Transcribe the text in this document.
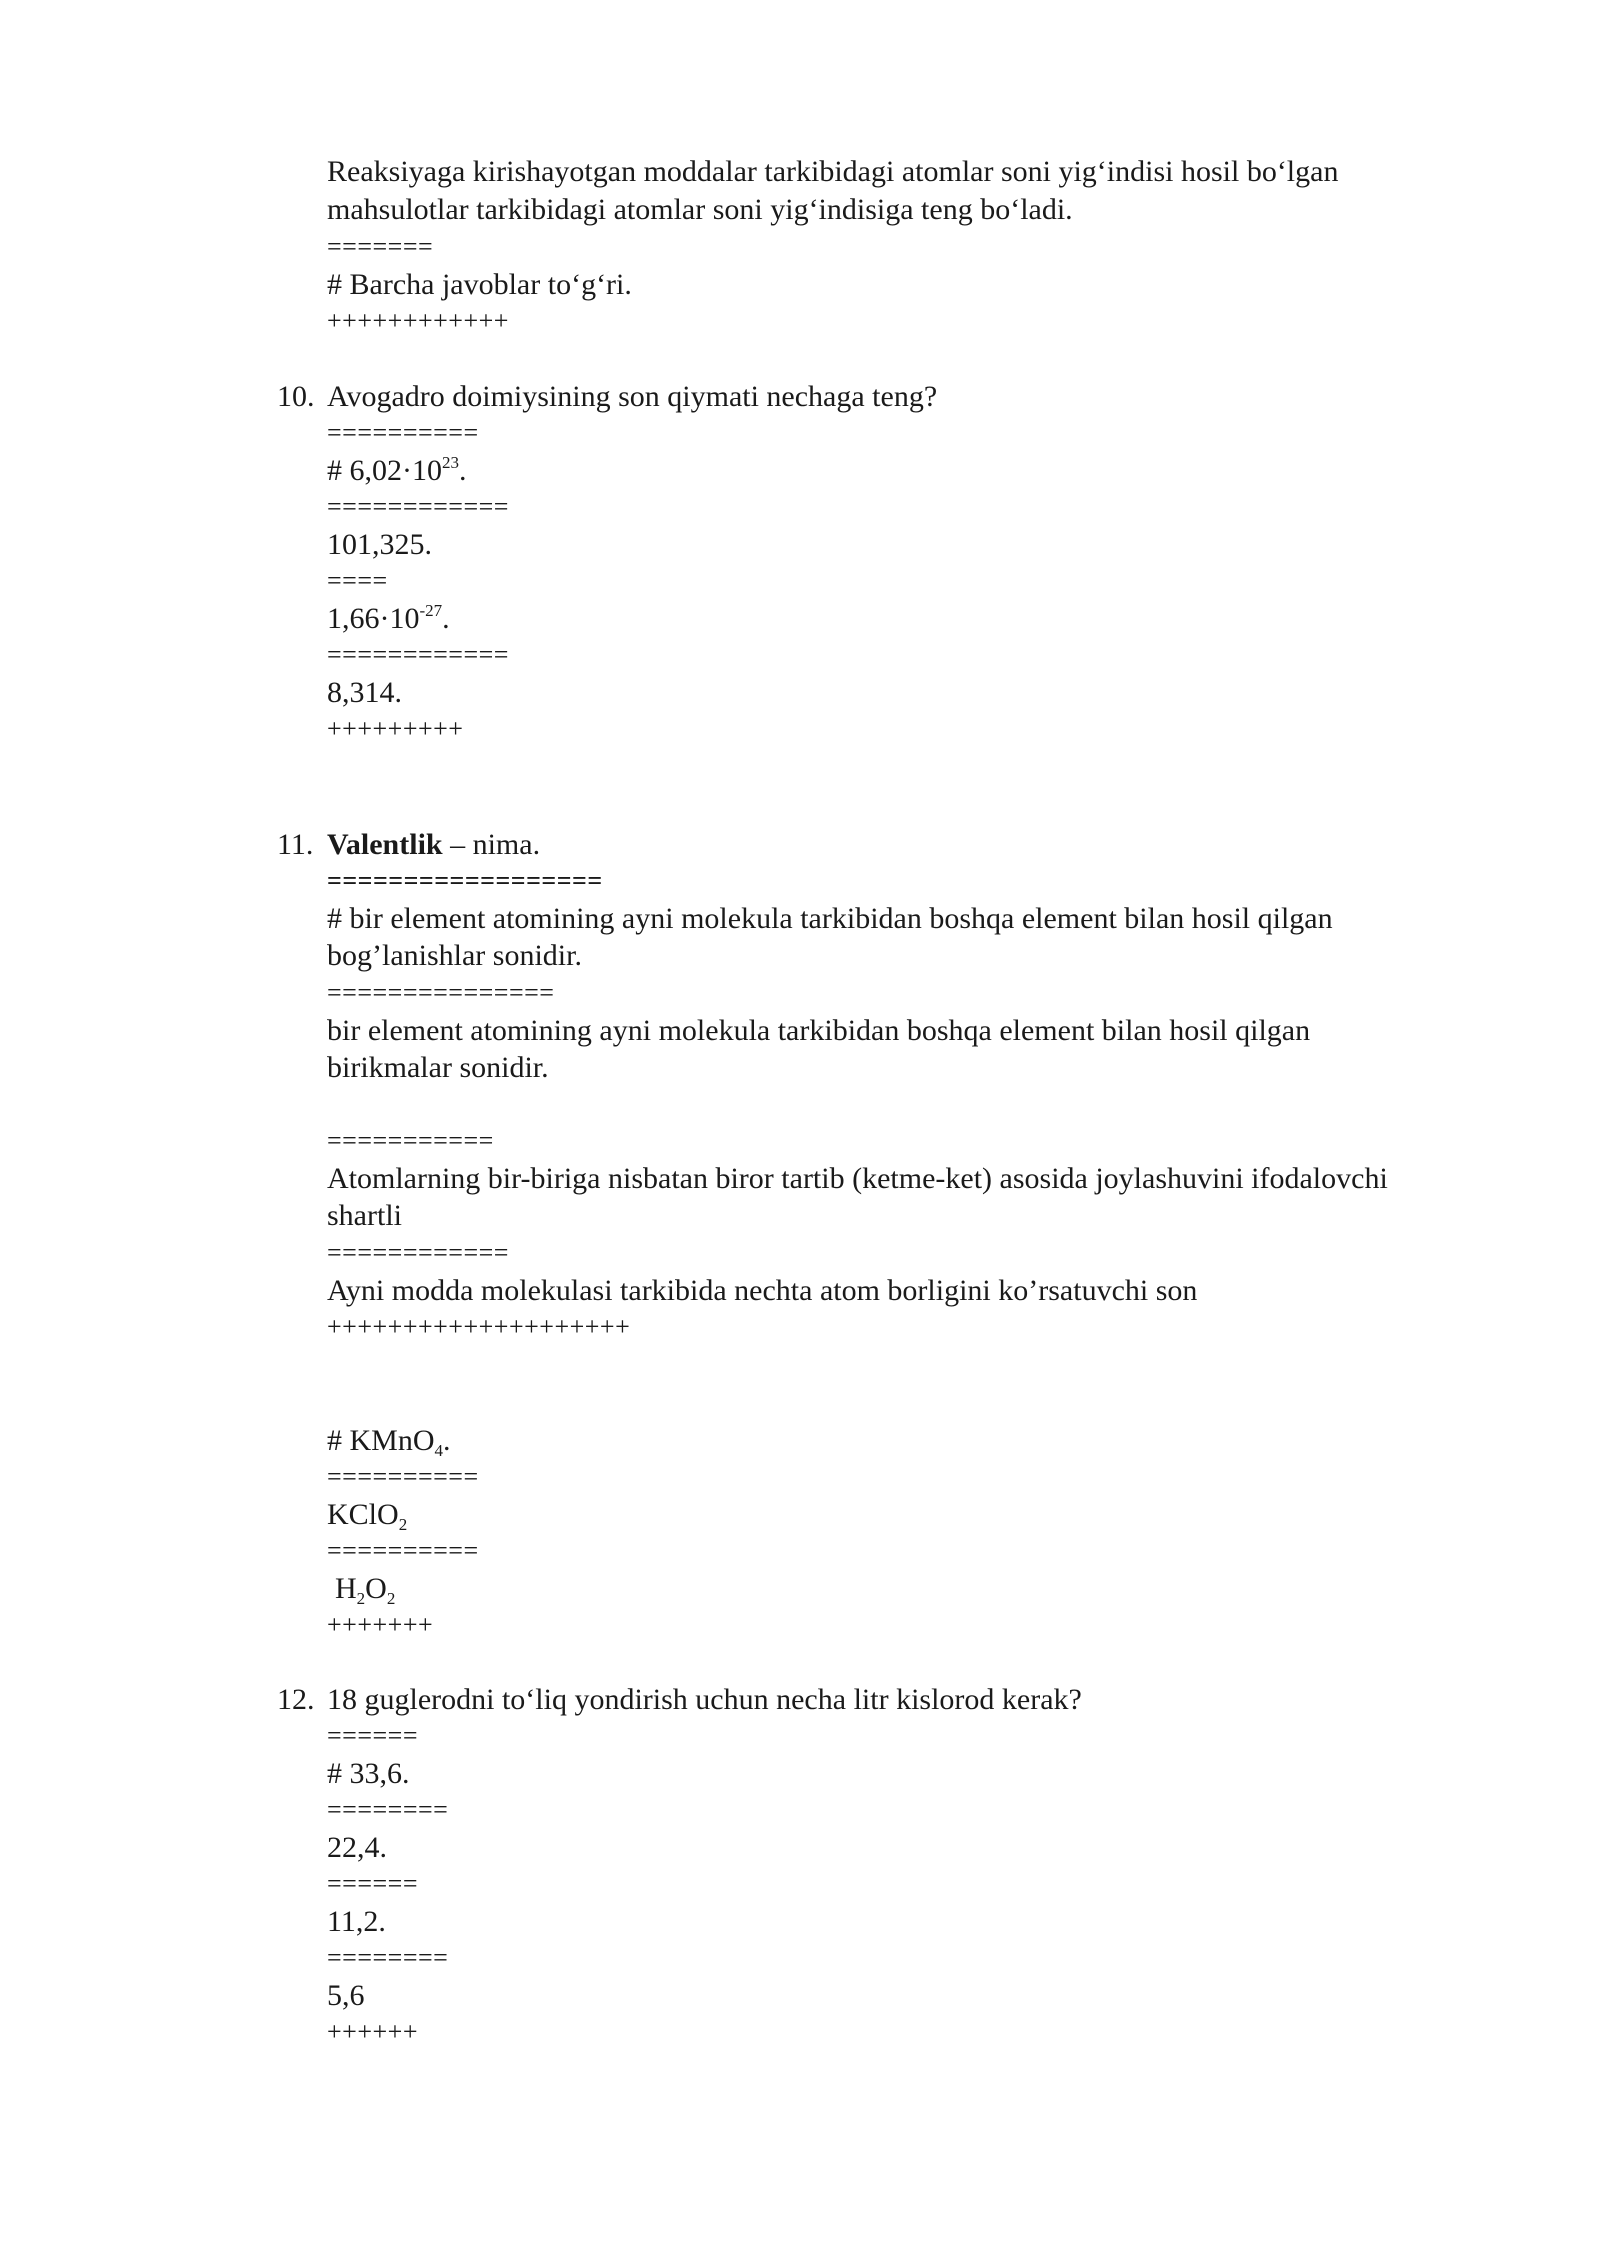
Reaksiyaga kirishayotgan moddalar tarkibidagi atomlar soni yig‘indisi hosil bo‘lgan
mahsulotlar tarkibidagi atomlar soni yig‘indisiga teng bo‘ladi.
=======
# Barcha javoblar to‘g‘ri.
++++++++++++
10. Avogadro doimiysining son qiymati nechaga teng?
==========
# $6,02\cdot 10^{23}$.
============
101,325.
====
$1,66\cdot 10^{-27}$.
============
8,314.
+++++++++
11. Valentlik – nima.
==================
# bir element atomining ayni molekula tarkibidan boshqa element bilan hosil qilgan
bog’lanishlar sonidir.
===============
bir element atomining ayni molekula tarkibidan boshqa element bilan hosil qilgan
birikmalar sonidir.
===========
Atomlarning bir-biriga nisbatan biror tartib (ketme-ket) asosida joylashuvini ifodalovchi
shartli
============
Ayni modda molekulasi tarkibida nechta atom borligini ko’rsatuvchi son
++++++++++++++++++++
# KMnO$_4$.
==========
KClO$_2$
==========
$H_2O_2$
+++++++
12. 18 guglerodni to‘liq yondirish uchun necha litr kislorod kerak?
======
# 33,6.
========
22,4.
======
11,2.
========
5,6
++++++
